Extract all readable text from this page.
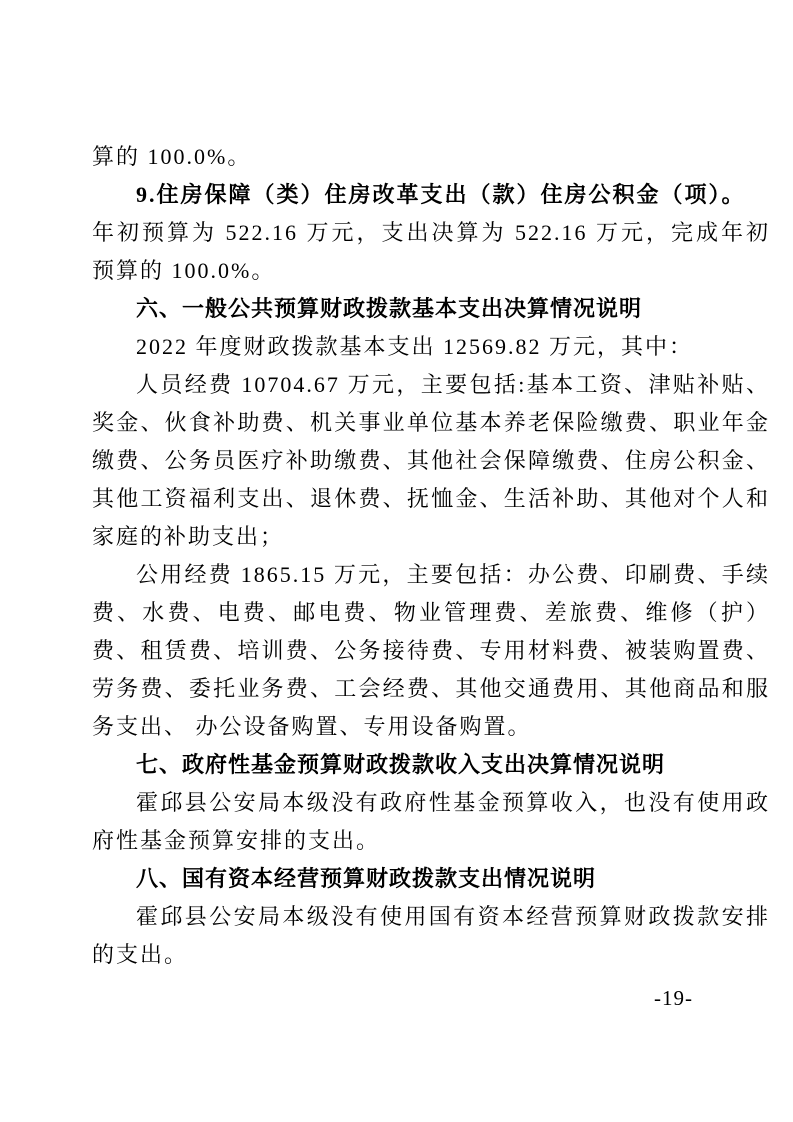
算的 100.0%。

9.住房保障（类）住房改革支出（款）住房公积金（项）。

年初预算为 522.16 万元，支出决算为 522.16 万元，完成年初预算的 100.0%。

六、一般公共预算财政拨款基本支出决算情况说明

2022 年度财政拨款基本支出 12569.82 万元，其中：

人员经费 10704.67 万元，主要包括:基本工资、津贴补贴、奖金、伙食补助费、机关事业单位基本养老保险缴费、职业年金缴费、公务员医疗补助缴费、其他社会保障缴费、住房公积金、其他工资福利支出、退休费、抚恤金、生活补助、其他对个人和家庭的补助支出；

公用经费 1865.15 万元，主要包括：办公费、印刷费、手续费、水费、电费、邮电费、物业管理费、差旅费、维修（护）费、租赁费、培训费、公务接待费、专用材料费、被装购置费、劳务费、委托业务费、工会经费、其他交通费用、其他商品和服务支出、 办公设备购置、专用设备购置。

七、政府性基金预算财政拨款收入支出决算情况说明

霍邱县公安局本级没有政府性基金预算收入，也没有使用政府性基金预算安排的支出。

八、国有资本经营预算财政拨款支出情况说明

霍邱县公安局本级没有使用国有资本经营预算财政拨款安排的支出。

-19-
